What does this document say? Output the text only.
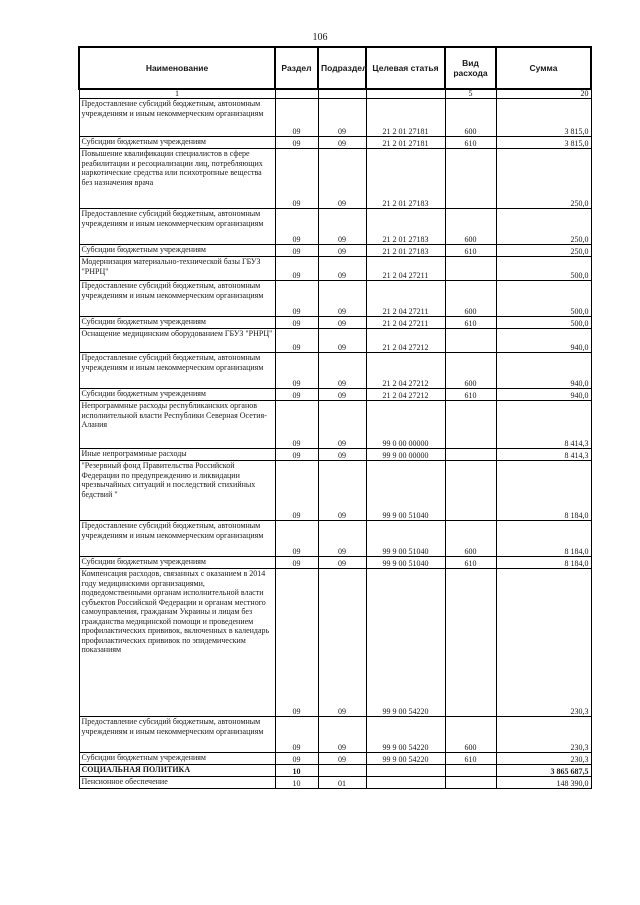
106
Наименование	Раздел	Подраздел	Целевая статья	Вид расхода	Сумма
1				5	20
Предоставление субсидий бюджетным, автономным учреждениям и иным некоммерческим организациям	09	09	21 2 01 27181	600	3 815,0
Субсидии бюджетным учреждениям	09	09	21 2 01 27181	610	3 815,0
Повышение квалификации специалистов в сфере реабилитации и ресоциализации лиц, потребляющих наркотические средства или психотропные вещества без назначения врача	09	09	21 2 01 27183		250,0
Предоставление субсидий бюджетным, автономным учреждениям и иным некоммерческим организациям	09	09	21 2 01 27183	600	250,0
Субсидии бюджетным учреждениям	09	09	21 2 01 27183	610	250,0
Модернизация материально-технической базы ГБУЗ "РНРЦ"	09	09	21 2 04 27211		500,0
Предоставление субсидий бюджетным, автономным учреждениям и иным некоммерческим организациям	09	09	21 2 04 27211	600	500,0
Субсидии бюджетным учреждениям	09	09	21 2 04 27211	610	500,0
Оснащение медицинским оборудованием ГБУЗ "РНРЦ"	09	09	21 2 04 27212		940,0
Предоставление субсидий бюджетным, автономным учреждениям и иным некоммерческим организациям	09	09	21 2 04 27212	600	940,0
Субсидии бюджетным учреждениям	09	09	21 2 04 27212	610	940,0
Непрограммные расходы республиканских органов исполнительной власти Республики Северная Осетия-Алания	09	09	99 0 00 00000		8 414,3
Иные непрограммные расходы	09	09	99 9 00 00000		8 414,3
"Резервный фонд Правительства Российской Федерации по предупреждению и ликвидации чрезвычайных ситуаций и последствий стихийных бедствий "	09	09	99 9 00 51040		8 184,0
Предоставление субсидий бюджетным, автономным учреждениям и иным некоммерческим организациям	09	09	99 9 00 51040	600	8 184,0
Субсидии бюджетным учреждениям	09	09	99 9 00 51040	610	8 184,0
Компенсация расходов, связанных с оказанием в 2014 году медицинскими организациями, подведомственными органам исполнительной власти субъектов Российской Федерации и органам местного самоуправления, гражданам Украины и лицам без гражданства медицинской помощи и проведением профилактических прививок, включенных в календарь профилактических прививок по эпидемическим показаниям	09	09	99 9 00 54220		230,3
Предоставление субсидий бюджетным, автономным учреждениям и иным некоммерческим организациям	09	09	99 9 00 54220	600	230,3
Субсидии бюджетным учреждениям	09	09	99 9 00 54220	610	230,3
СОЦИАЛЬНАЯ ПОЛИТИКА	10				3 865 687,5
Пенсионное обеспечение	10	01			148 390,0
